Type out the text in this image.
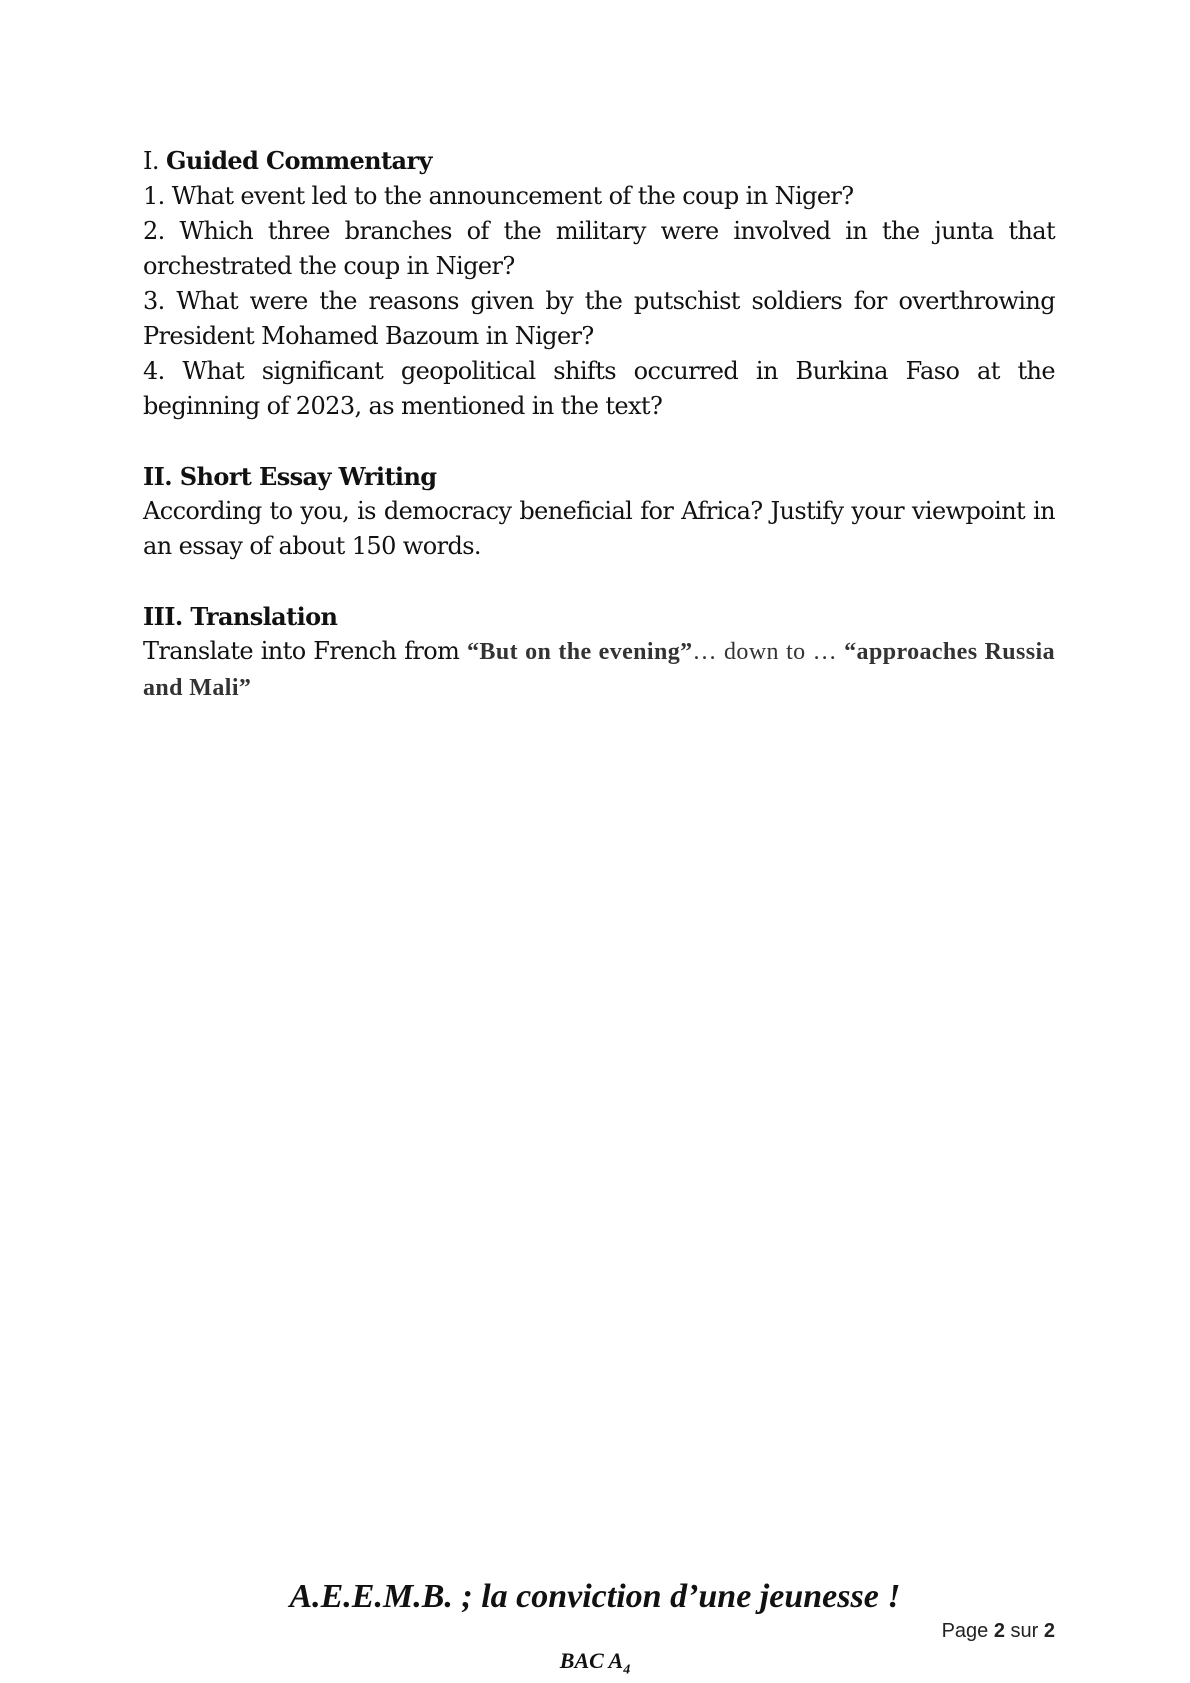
I. Guided Commentary

1. What event led to the announcement of the coup in Niger?

2. Which three branches of the military were involved in the junta that orchestrated the coup in Niger?

3. What were the reasons given by the putschist soldiers for overthrowing President Mohamed Bazoum in Niger?

4. What significant geopolitical shifts occurred in Burkina Faso at the beginning of 2023, as mentioned in the text?

II. Short Essay Writing

According to you, is democracy beneficial for Africa? Justify your viewpoint in an essay of about 150 words.

III. Translation

Translate into French from “But on the evening”… down to … “approaches Russia and Mali”

A.E.E.M.B. ; la conviction d’une jeunesse !
Page 2 sur 2
BAC $A_4$
